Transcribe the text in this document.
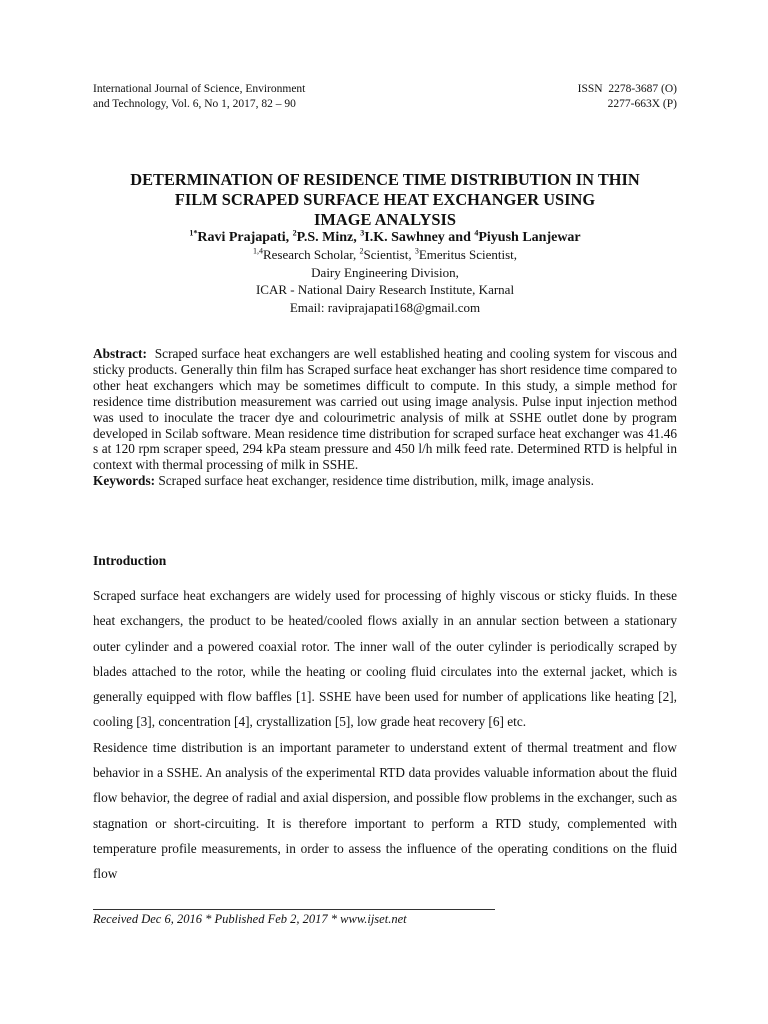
International Journal of Science, Environment
and Technology, Vol. 6, No 1, 2017, 82 – 90
ISSN  2278-3687 (O)
2277-663X (P)
DETERMINATION OF RESIDENCE TIME DISTRIBUTION IN THIN
FILM SCRAPED SURFACE HEAT EXCHANGER USING
IMAGE ANALYSIS
$^{1*}$Ravi Prajapati, $^2$P.S. Minz, $^3$I.K. Sawhney and $^4$Piyush Lanjewar
$^{1,4}$Research Scholar, $^2$Scientist, $^3$Emeritus Scientist,
Dairy Engineering Division,
ICAR - National Dairy Research Institute, Karnal
Email: raviprajapati168@gmail.com
Abstract: Scraped surface heat exchangers are well established heating and cooling system for viscous and sticky products. Generally thin film has Scraped surface heat exchanger has short residence time compared to other heat exchangers which may be sometimes difficult to compute. In this study, a simple method for residence time distribution measurement was carried out using image analysis. Pulse input injection method was used to inoculate the tracer dye and colourimetric analysis of milk at SSHE outlet done by program developed in Scilab software. Mean residence time distribution for scraped surface heat exchanger was 41.46 s at 120 rpm scraper speed, 294 kPa steam pressure and 450 l/h milk feed rate. Determined RTD is helpful in context with thermal processing of milk in SSHE.
Keywords: Scraped surface heat exchanger, residence time distribution, milk, image analysis.
Introduction

Scraped surface heat exchangers are widely used for processing of highly viscous or sticky fluids. In these heat exchangers, the product to be heated/cooled flows axially in an annular section between a stationary outer cylinder and a powered coaxial rotor. The inner wall of the outer cylinder is periodically scraped by blades attached to the rotor, while the heating or cooling fluid circulates into the external jacket, which is generally equipped with flow baffles [1]. SSHE have been used for number of applications like heating [2], cooling [3], concentration [4], crystallization [5], low grade heat recovery [6] etc.

Residence time distribution is an important parameter to understand extent of thermal treatment and flow behavior in a SSHE. An analysis of the experimental RTD data provides valuable information about the fluid flow behavior, the degree of radial and axial dispersion, and possible flow problems in the exchanger, such as stagnation or short-circuiting. It is therefore important to perform a RTD study, complemented with temperature profile measurements, in order to assess the influence of the operating conditions on the fluid flow

Received Dec 6, 2016 * Published Feb 2, 2017 * www.ijset.net
